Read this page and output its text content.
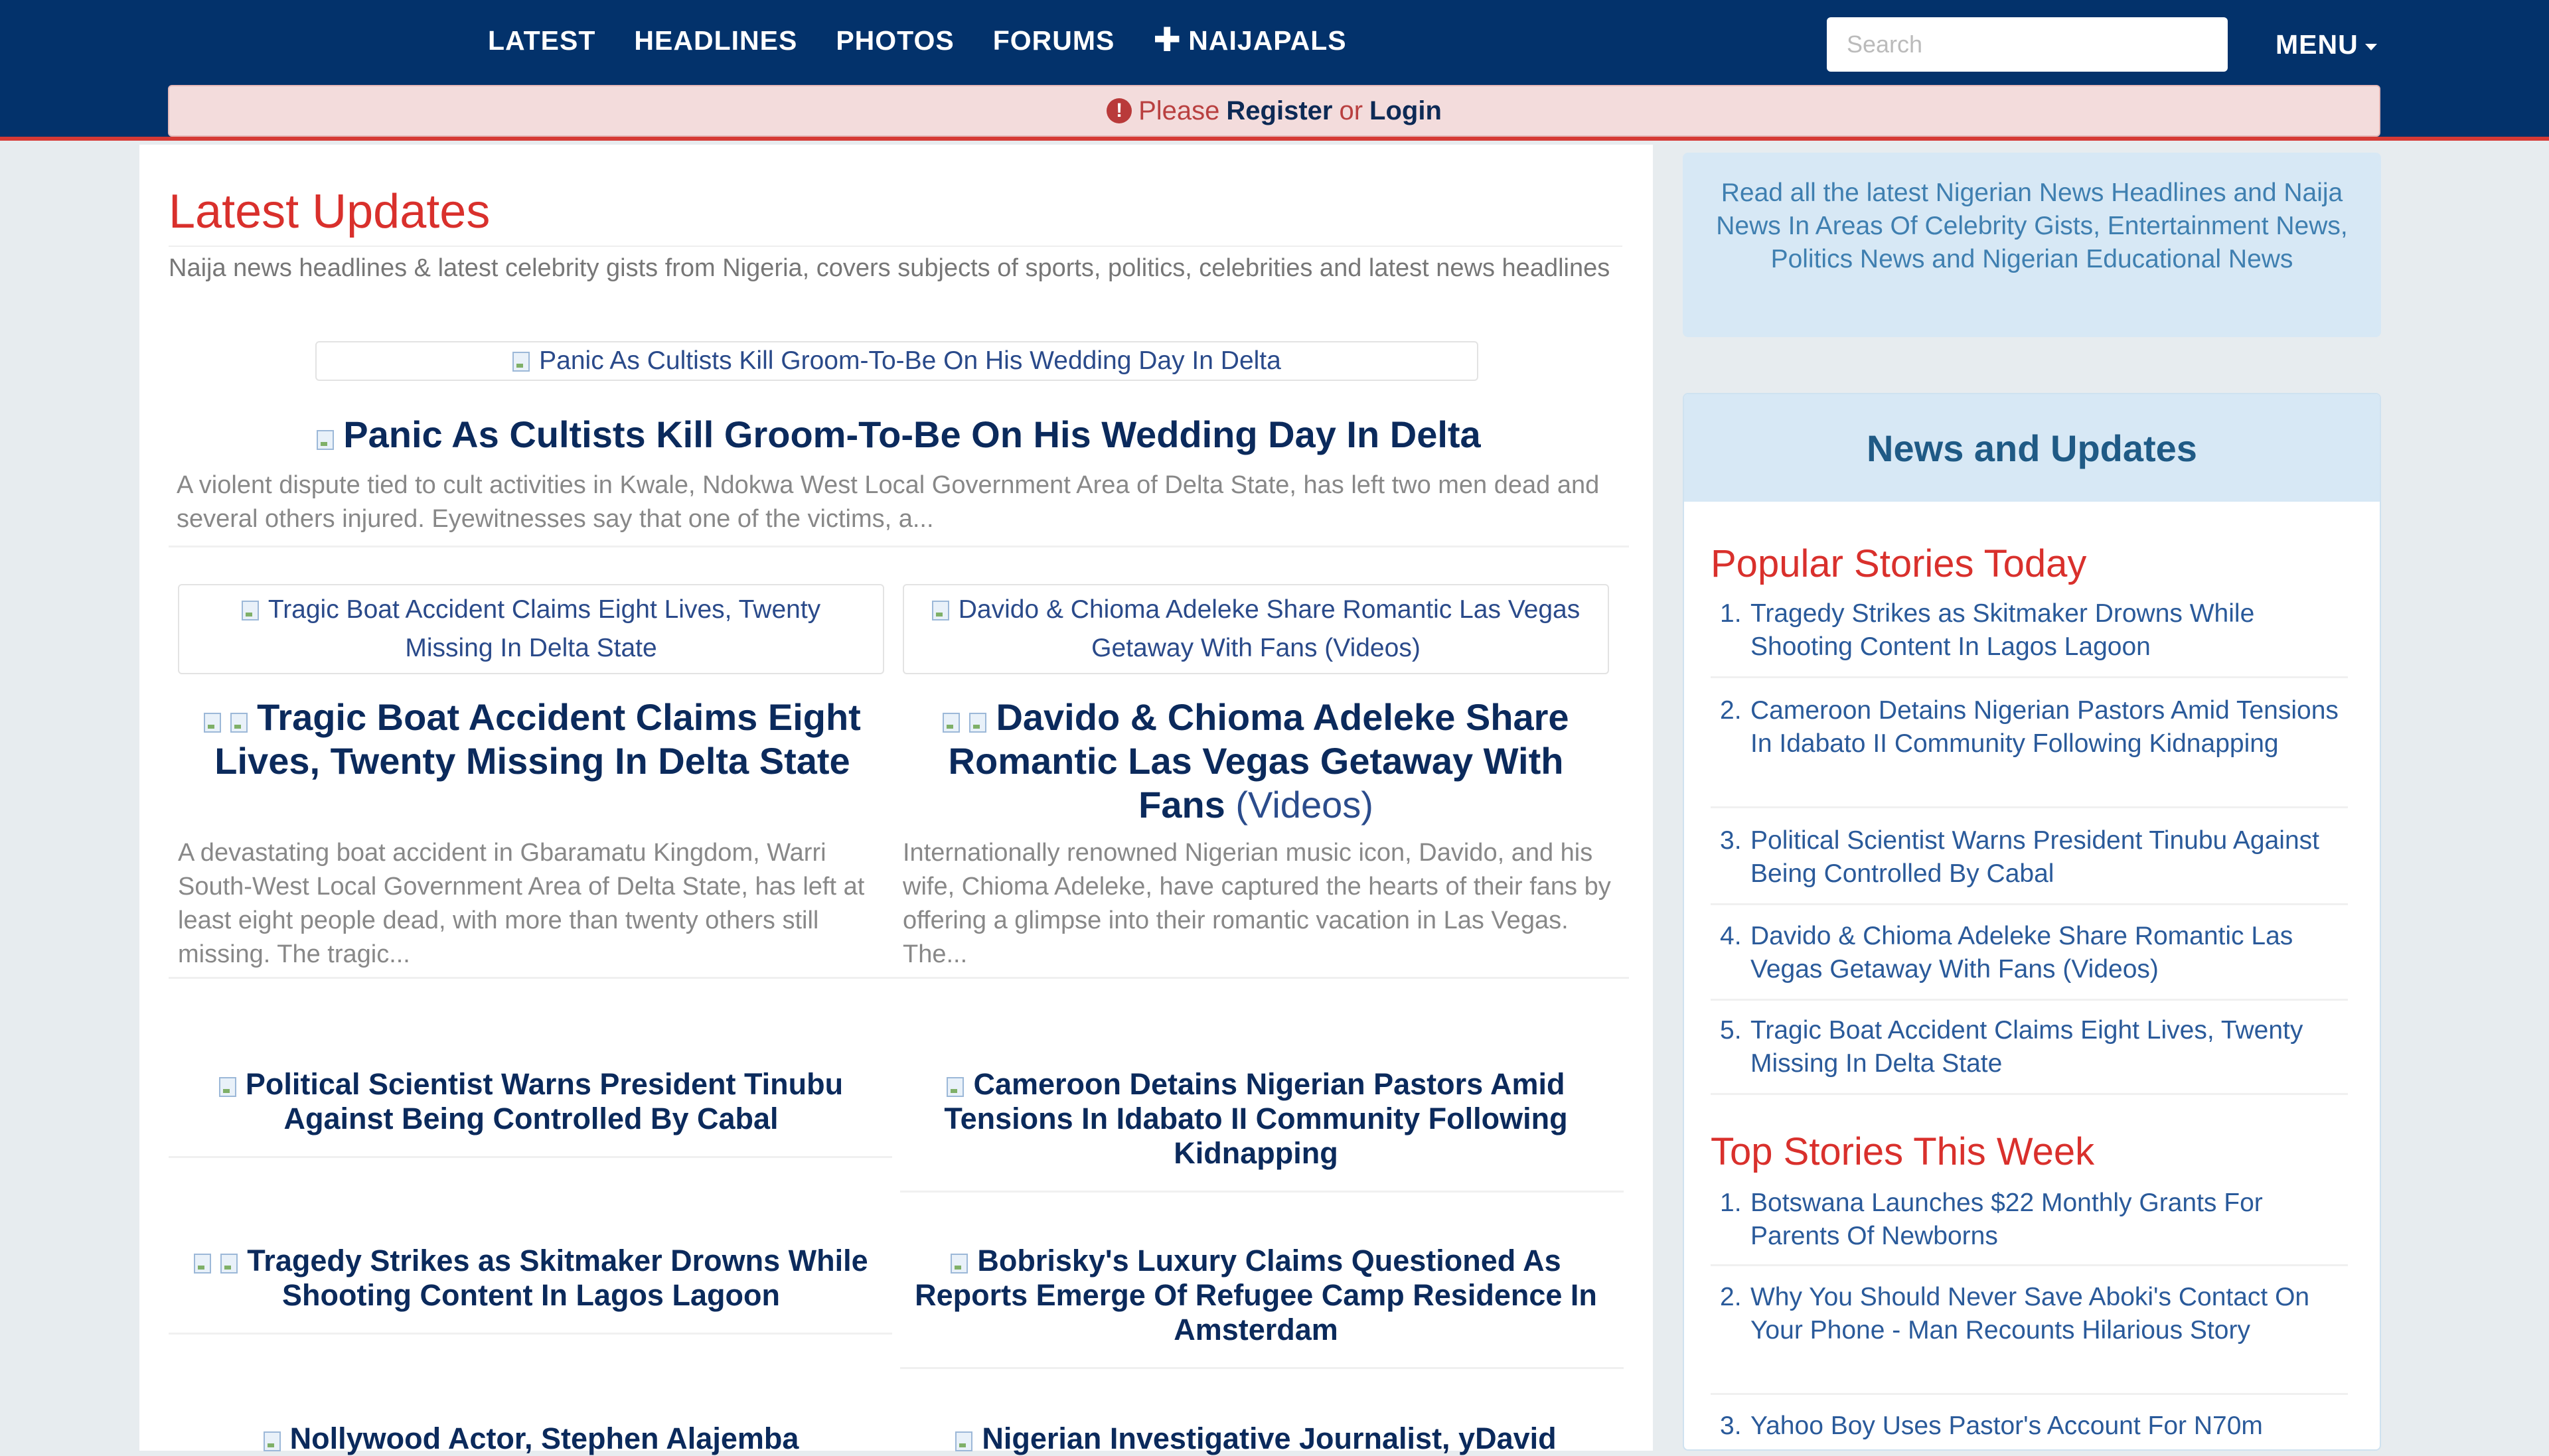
LATEST HEADLINES PHOTOS FORUMS ✚ NAIJAPALS
Search	MENU
! Please Register or Login
Latest Updates
Naija news headlines & latest celebrity gists from Nigeria, covers subjects of sports, politics, celebrities and latest news headlines
Panic As Cultists Kill Groom-To-Be On His Wedding Day In Delta
Panic As Cultists Kill Groom-To-Be On His Wedding Day In Delta
A violent dispute tied to cult activities in Kwale, Ndokwa West Local Government Area of Delta State, has left two men dead and several others injured. Eyewitnesses say that one of the victims, a...
Tragic Boat Accident Claims Eight Lives, Twenty Missing In Delta State
Tragic Boat Accident Claims Eight Lives, Twenty Missing In Delta State
A devastating boat accident in Gbaramatu Kingdom, Warri South-West Local Government Area of Delta State, has left at least eight people dead, with more than twenty others still missing. The tragic...
Davido & Chioma Adeleke Share Romantic Las Vegas Getaway With Fans (Videos)
Davido & Chioma Adeleke Share Romantic Las Vegas Getaway With Fans (Videos)
Internationally renowned Nigerian music icon, Davido, and his wife, Chioma Adeleke, have captured the hearts of their fans by offering a glimpse into their romantic vacation in Las Vegas. The...
Political Scientist Warns President Tinubu Against Being Controlled By Cabal
Cameroon Detains Nigerian Pastors Amid Tensions In Idabato II Community Following Kidnapping
Tragedy Strikes as Skitmaker Drowns While Shooting Content In Lagos Lagoon
Bobrisky's Luxury Claims Questioned As Reports Emerge Of Refugee Camp Residence In Amsterdam
Nollywood Actor, Stephen Alajemba	Nigerian Investigative Journalist, yDavid
Read all the latest Nigerian News Headlines and Naija News In Areas Of Celebrity Gists, Entertainment News, Politics News and Nigerian Educational News
News and Updates
Popular Stories Today
1. Tragedy Strikes as Skitmaker Drowns While Shooting Content In Lagos Lagoon
2. Cameroon Detains Nigerian Pastors Amid Tensions In Idabato II Community Following Kidnapping
3. Political Scientist Warns President Tinubu Against Being Controlled By Cabal
4. Davido & Chioma Adeleke Share Romantic Las Vegas Getaway With Fans (Videos)
5. Tragic Boat Accident Claims Eight Lives, Twenty Missing In Delta State
Top Stories This Week
1. Botswana Launches $22 Monthly Grants For Parents Of Newborns
2. Why You Should Never Save Aboki's Contact On Your Phone - Man Recounts Hilarious Story
3. Yahoo Boy Uses Pastor's Account For N70m
